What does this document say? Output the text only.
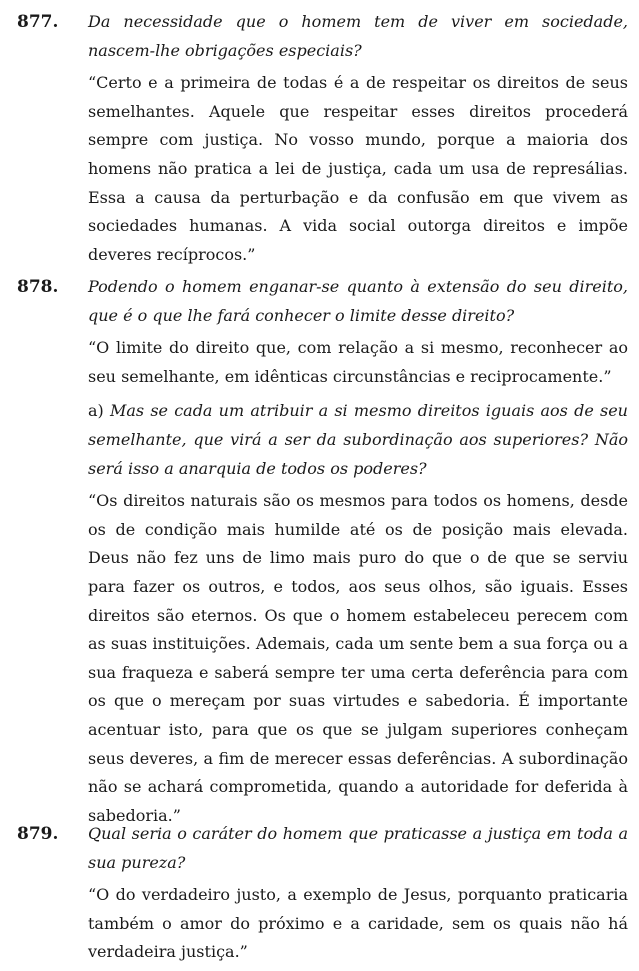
877. Da necessidade que o homem tem de viver em sociedade, nascem-lhe obrigações especiais?

“Certo e a primeira de todas é a de respeitar os direitos de seus semelhantes. Aquele que respeitar esses direitos procederá sempre com justiça. No vosso mundo, porque a maioria dos homens não pratica a lei de justiça, cada um usa de represálias. Essa a causa da perturbação e da confusão em que vivem as sociedades humanas. A vida social outorga direitos e impõe deveres recíprocos.”

878. Podendo o homem enganar-se quanto à extensão do seu direito, que é o que lhe fará conhecer o limite desse direito?

“O limite do direito que, com relação a si mesmo, reconhecer ao seu semelhante, em idênticas circunstâncias e reciprocamente.”

a) Mas se cada um atribuir a si mesmo direitos iguais aos de seu semelhante, que virá a ser da subordinação aos superiores? Não será isso a anarquia de todos os poderes?

“Os direitos naturais são os mesmos para todos os homens, desde os de condição mais humilde até os de posição mais elevada. Deus não fez uns de limo mais puro do que o de que se serviu para fazer os outros, e todos, aos seus olhos, são iguais. Esses direitos são eternos. Os que o homem estabeleceu perecem com as suas instituições. Ademais, cada um sente bem a sua força ou a sua fraqueza e saberá sempre ter uma certa deferência para com os que o mereçam por suas virtudes e sabedoria. É importante acentuar isto, para que os que se julgam superiores conheçam seus deveres, a fim de merecer essas deferências. A subordinação não se achará comprometida, quando a autoridade for deferida à sabedoria.”

879. Qual seria o caráter do homem que praticasse a justiça em toda a sua pureza?

“O do verdadeiro justo, a exemplo de Jesus, porquanto praticaria também o amor do próximo e a caridade, sem os quais não há verdadeira justiça.”
